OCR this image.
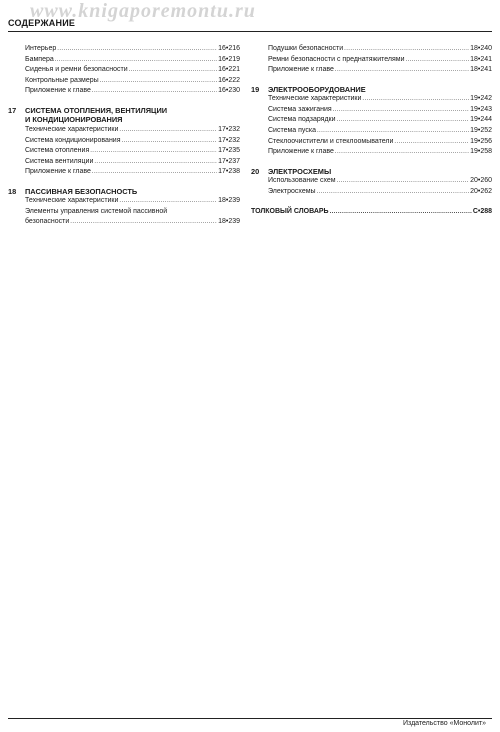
www.knigaporemontu.ru
СОДЕРЖАНИЕ
Интерьер .....	16•216
Бампера .....	16•219
Сиденья и ремни безопасности .....	16•221
Контрольные размеры .....	16•222
Приложение к главе .....	16•230
17	СИСТЕМА ОТОПЛЕНИЯ, ВЕНТИЛЯЦИИ
И КОНДИЦИОНИРОВАНИЯ
Технические характеристики .....	17•232
Система кондиционирования .....	17•232
Система отопления .....	17•235
Система вентиляции .....	17•237
Приложение к главе .....	17•238
18	ПАССИВНАЯ БЕЗОПАСНОСТЬ
Технические характеристики .....	18•239
Элементы управления системой пассивной
безопасности .....	18•239
Подушки безопасности .....	18•240
Ремни безопасности с преднатяжителями .....	18•241
Приложение к главе .....	18•241
19	ЭЛЕКТРООБОРУДОВАНИЕ
Технические характеристики .....	19•242
Система зажигания .....	19•243
Система подзарядки .....	19•244
Система пуска .....	19•252
Стеклоочистители и стеклоомыватели .....	19•256
Приложение к главе .....	19•258
20	ЭЛЕКТРОСХЕМЫ
Использование схем .....	20•260
Электросхемы .....	20•262
ТОЛКОВЫЙ СЛОВАРЬ .....	С•288
Издательство «Монолит»
